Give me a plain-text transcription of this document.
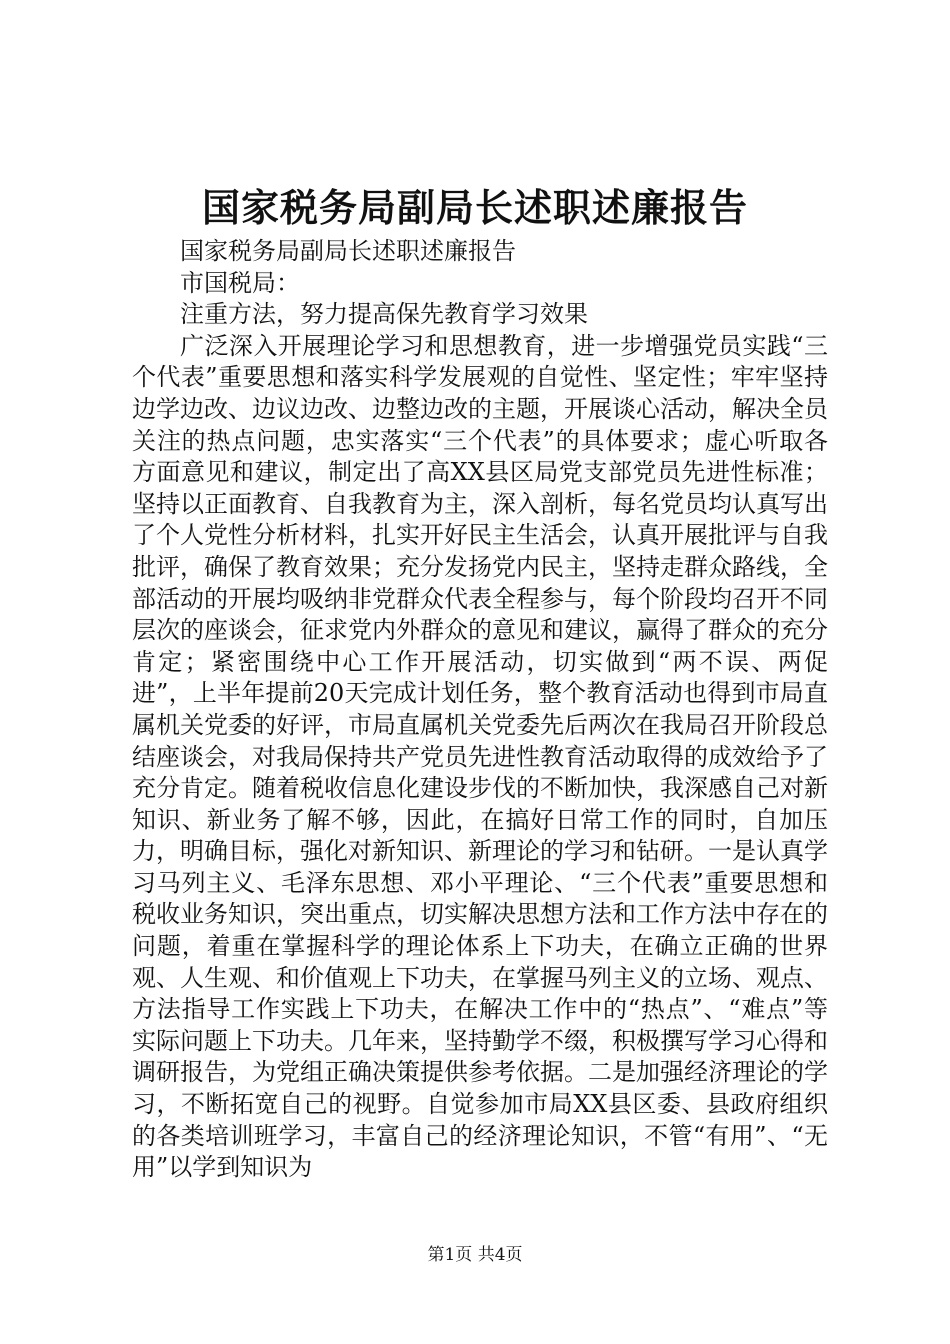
国家税务局副局长述职述廉报告

国家税务局副局长述职述廉报告

市国税局：

注重方法，努力提高保先教育学习效果

广泛深入开展理论学习和思想教育，进一步增强党员实践“三个代表”重要思想和落实科学发展观的自觉性、坚定性；牢牢坚持边学边改、边议边改、边整边改的主题，开展谈心活动，解决全员关注的热点问题，忠实落实“三个代表”的具体要求；虚心听取各方面意见和建议，制定出了高XX县区局党支部党员先进性标准；坚持以正面教育、自我教育为主，深入剖析，每名党员均认真写出了个人党性分析材料，扎实开好民主生活会，认真开展批评与自我批评，确保了教育效果；充分发扬党内民主，坚持走群众路线，全部活动的开展均吸纳非党群众代表全程参与，每个阶段均召开不同层次的座谈会，征求党内外群众的意见和建议，赢得了群众的充分肯定；紧密围绕中心工作开展活动，切实做到“两不误、两促进”，上半年提前20天完成计划任务，整个教育活动也得到市局直属机关党委的好评，市局直属机关党委先后两次在我局召开阶段总结座谈会，对我局保持共产党员先进性教育活动取得的成效给予了充分肯定。随着税收信息化建设步伐的不断加快，我深感自己对新知识、新业务了解不够，因此，在搞好日常工作的同时，自加压力，明确目标，强化对新知识、新理论的学习和钻研。一是认真学习马列主义、毛泽东思想、邓小平理论、“三个代表”重要思想和税收业务知识，突出重点，切实解决思想方法和工作方法中存在的问题，着重在掌握科学的理论体系上下功夫，在确立正确的世界观、人生观、和价值观上下功夫，在掌握马列主义的立场、观点、方法指导工作实践上下功夫，在解决工作中的“热点”、“难点”等实际问题上下功夫。几年来，坚持勤学不缀，积极撰写学习心得和调研报告，为党组正确决策提供参考依据。二是加强经济理论的学习，不断拓宽自己的视野。自觉参加市局XX县区委、县政府组织的各类培训班学习，丰富自己的经济理论知识，不管“有用”、“无用”以学到知识为

第1页 共4页
